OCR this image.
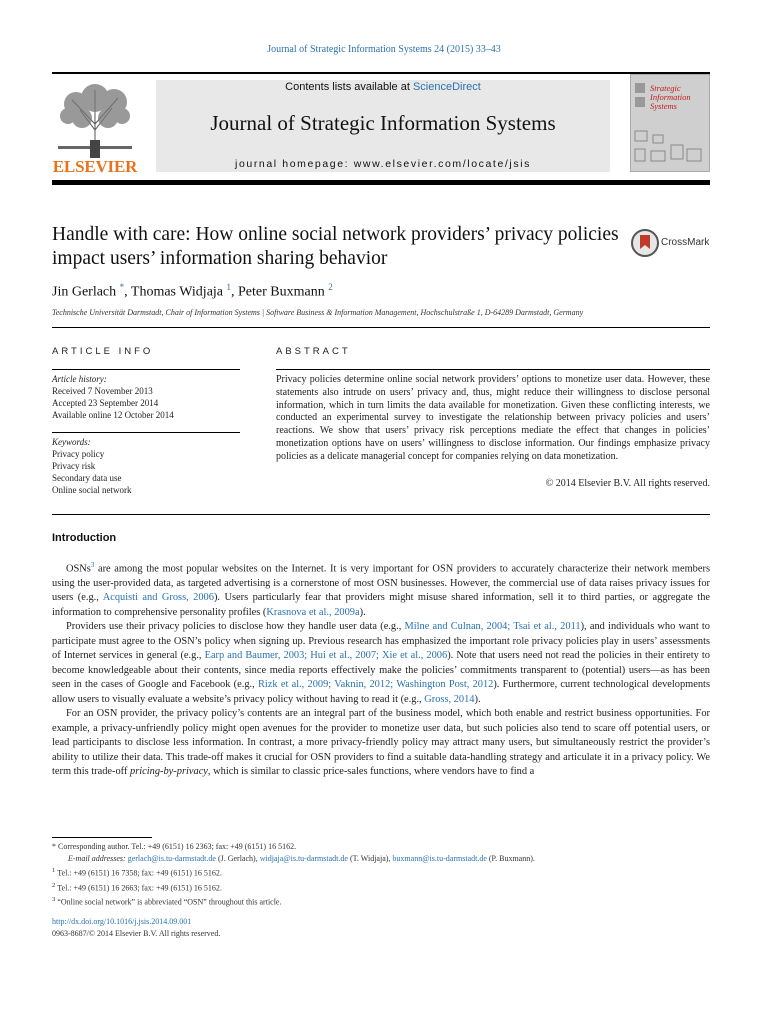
Journal of Strategic Information Systems 24 (2015) 33–43
ELSEVIER
Contents lists available at ScienceDirect
Journal of Strategic Information Systems
journal homepage: www.elsevier.com/locate/jsis
Strategic Information Systems
Handle with care: How online social network providers’ privacy policies impact users’ information sharing behavior
CrossMark
Jin Gerlach *, Thomas Widjaja $^1$, Peter Buxmann $^2$
Technische Universität Darmstadt, Chair of Information Systems | Software Business & Information Management, Hochschulstraße 1, D-64289 Darmstadt, Germany
ARTICLE INFO
Article history:
Received 7 November 2013
Accepted 23 September 2014
Available online 12 October 2014
Keywords:
Privacy policy
Privacy risk
Secondary data use
Online social network
ABSTRACT
Privacy policies determine online social network providers’ options to monetize user data. However, these statements also intrude on users’ privacy and, thus, might reduce their willingness to disclose personal information, which in turn limits the data available for monetization. Given these conflicting interests, we conducted an experimental survey to investigate the relationship between privacy policies and users’ reactions. We show that users’ privacy risk perceptions mediate the effect that changes in policies’ monetization options have on users’ willingness to disclose information. Our findings emphasize privacy policies as a delicate managerial concept for companies relying on data monetization.
© 2014 Elsevier B.V. All rights reserved.
Introduction

OSNs$^3$ are among the most popular websites on the Internet. It is very important for OSN providers to accurately characterize their network members using the user-provided data, as targeted advertising is a cornerstone of most OSN businesses. However, the commercial use of data raises privacy issues for users (e.g., Acquisti and Gross, 2006). Users particularly fear that providers might misuse shared information, sell it to third parties, or aggregate the information to comprehensive personality profiles (Krasnova et al., 2009a).

Providers use their privacy policies to disclose how they handle user data (e.g., Milne and Culnan, 2004; Tsai et al., 2011), and individuals who want to participate must agree to the OSN’s policy when signing up. Previous research has emphasized the important role privacy policies play in users’ assessments of Internet services in general (e.g., Earp and Baumer, 2003; Hui et al., 2007; Xie et al., 2006). Note that users need not read the policies in their entirety to become knowledgeable about their contents, since media reports effectively make the policies’ commitments transparent to (potential) users—as has been seen in the cases of Google and Facebook (e.g., Rizk et al., 2009; Vaknin, 2012; Washington Post, 2012). Furthermore, current technological developments allow users to visually evaluate a website’s privacy policy without having to read it (e.g., Gross, 2014).

For an OSN provider, the privacy policy’s contents are an integral part of the business model, which both enable and restrict business opportunities. For example, a privacy-unfriendly policy might open avenues for the provider to monetize user data, but such policies also tend to scare off potential users, or lead participants to disclose less information. In contrast, a more privacy-friendly policy may attract many users, but simultaneously restrict the provider’s ability to utilize their data. This trade-off makes it crucial for OSN providers to find a suitable data-handling strategy and articulate it in a privacy policy. We term this trade-off pricing-by-privacy, which is similar to classic price-sales functions, where vendors have to find a

* Corresponding author. Tel.: +49 (6151) 16 2363; fax: +49 (6151) 16 5162.
E-mail addresses: gerlach@is.tu-darmstadt.de (J. Gerlach), widjaja@is.tu-darmstadt.de (T. Widjaja), buxmann@is.tu-darmstadt.de (P. Buxmann).
$^1$ Tel.: +49 (6151) 16 7358; fax: +49 (6151) 16 5162.
$^2$ Tel.: +49 (6151) 16 2663; fax: +49 (6151) 16 5162.
$^3$ “Online social network” is abbreviated “OSN” throughout this article.
http://dx.doi.org/10.1016/j.jsis.2014.09.001
0963-8687/© 2014 Elsevier B.V. All rights reserved.
